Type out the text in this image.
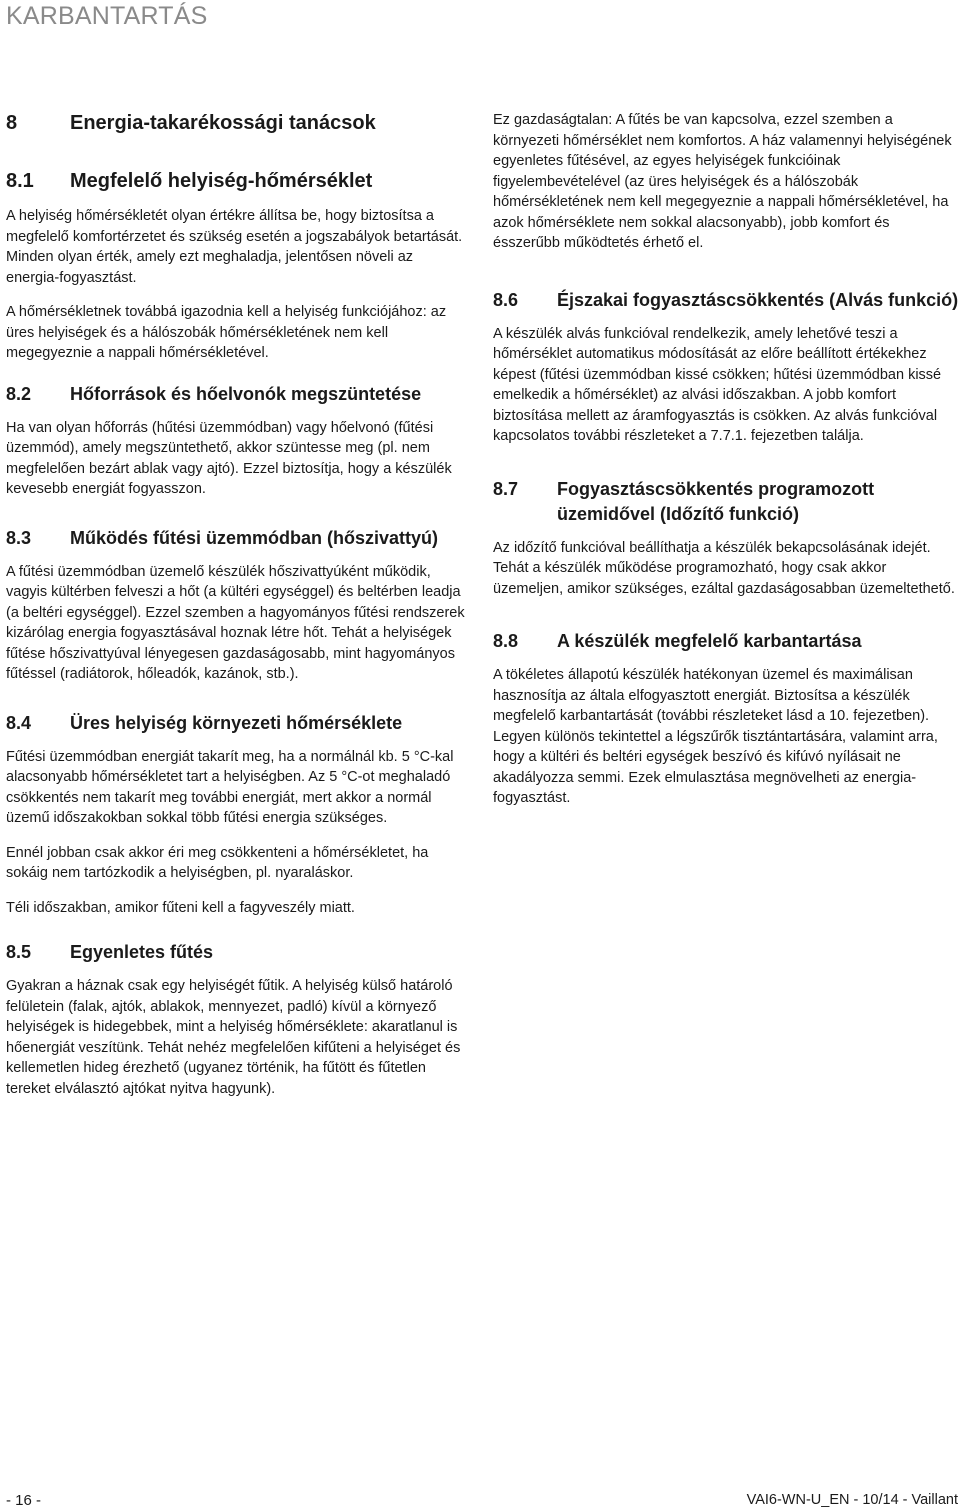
KARBANTARTÁS
8	Energia-takarékossági tanácsok
8.1	Megfelelő helyiség-hőmérséklet

A helyiség hőmérsékletét olyan értékre állítsa be, hogy biztosítsa a megfelelő komfortérzetet és szükség esetén a jogszabályok betartását. Minden olyan érték, amely ezt meghaladja, jelentősen növeli az energia-fogyasztást.

A hőmérsékletnek továbbá igazodnia kell a helyiség funkciójához: az üres helyiségek és a hálószobák hőmérsékletének nem kell megegyeznie a nappali hőmérsékletével.

8.2	Hőforrások és hőelvonók megszüntetése

Ha van olyan hőforrás (hűtési üzemmódban) vagy hőelvonó (fűtési üzemmód), amely megszüntethető, akkor szüntesse meg (pl. nem megfelelően bezárt ablak vagy ajtó). Ezzel biztosítja, hogy a készülék kevesebb energiát fogyasszon.

8.3	Működés fűtési üzemmódban (hőszivattyú)

A fűtési üzemmódban üzemelő készülék hőszivattyúként működik, vagyis kültérben felveszi a hőt (a kültéri egységgel) és beltérben leadja (a beltéri egységgel). Ezzel szemben a hagyományos fűtési rendszerek kizárólag energia fogyasztásával hoznak létre hőt. Tehát a helyiségek fűtése hőszivattyúval lényegesen gazdaságosabb, mint hagyományos fűtéssel (radiátorok, hőleadók, kazánok, stb.).

8.4	Üres helyiség környezeti hőmérséklete

Fűtési üzemmódban energiát takarít meg, ha a normálnál kb. 5 °C-kal alacsonyabb hőmérsékletet tart a helyiségben. Az 5 °C-ot meghaladó csökkentés nem takarít meg további energiát, mert akkor a normál üzemű időszakokban sokkal több fűtési energia szükséges.

Ennél jobban csak akkor éri meg csökkenteni a hőmérsékletet, ha sokáig nem tartózkodik a helyiségben, pl. nyaraláskor.

Téli időszakban, amikor fűteni kell a fagyveszély miatt.

8.5	Egyenletes fűtés

Gyakran a háznak csak egy helyiségét fűtik. A helyiség külső határoló felületein (falak, ajtók, ablakok, mennyezet, padló) kívül a környező helyiségek is hidegebbek, mint a helyiség hőmérséklete: akaratlanul is hőenergiát veszítünk. Tehát nehéz megfelelően kifűteni a helyiséget és kellemetlen hideg érezhető (ugyanez történik, ha fűtött és fűtetlen tereket elválasztó ajtókat nyitva hagyunk).

Ez gazdaságtalan: A fűtés be van kapcsolva, ezzel szemben a környezeti hőmérséklet nem komfortos. A ház valamennyi helyiségének egyenletes fűtésével, az egyes helyiségek funkcióinak figyelembevételével (az üres helyiségek és a hálószobák hőmérsékletének nem kell megegyeznie a nappali hőmérsékletével, ha azok hőmérséklete nem sokkal alacsonyabb), jobb komfort és ésszerűbb működtetés érhető el.

8.6	Éjszakai fogyasztáscsökkentés (Alvás funkció)

A készülék alvás funkcióval rendelkezik, amely lehetővé teszi a hőmérséklet automatikus módosítását az előre beállított értékekhez képest (fűtési üzemmódban kissé csökken; hűtési üzemmódban kissé emelkedik a hőmérséklet) az alvási időszakban. A jobb komfort biztosítása mellett az áramfogyasztás is csökken. Az alvás funkcióval kapcsolatos további részleteket a 7.7.1. fejezetben találja.

8.7	Fogyasztáscsökkentés programozott üzemidővel (Időzítő funkció)

Az időzítő funkcióval beállíthatja a készülék bekapcsolásának idejét. Tehát a készülék működése programozható, hogy csak akkor üzemeljen, amikor szükséges, ezáltal gazdaságosabban üzemeltethető.

8.8	A készülék megfelelő karbantartása

A tökéletes állapotú készülék hatékonyan üzemel és maximálisan hasznosítja az általa elfogyasztott energiát. Biztosítsa a készülék megfelelő karbantartását (további részleteket lásd a 10. fejezetben). Legyen különös tekintettel a légszűrők tisztántartására, valamint arra, hogy a kültéri és beltéri egységek beszívó és kifúvó nyílásait ne akadályozza semmi. Ezek elmulasztása megnövelheti az energia-fogyasztást.

- 16 -	VAI6-WN-U_EN - 10/14 - Vaillant
